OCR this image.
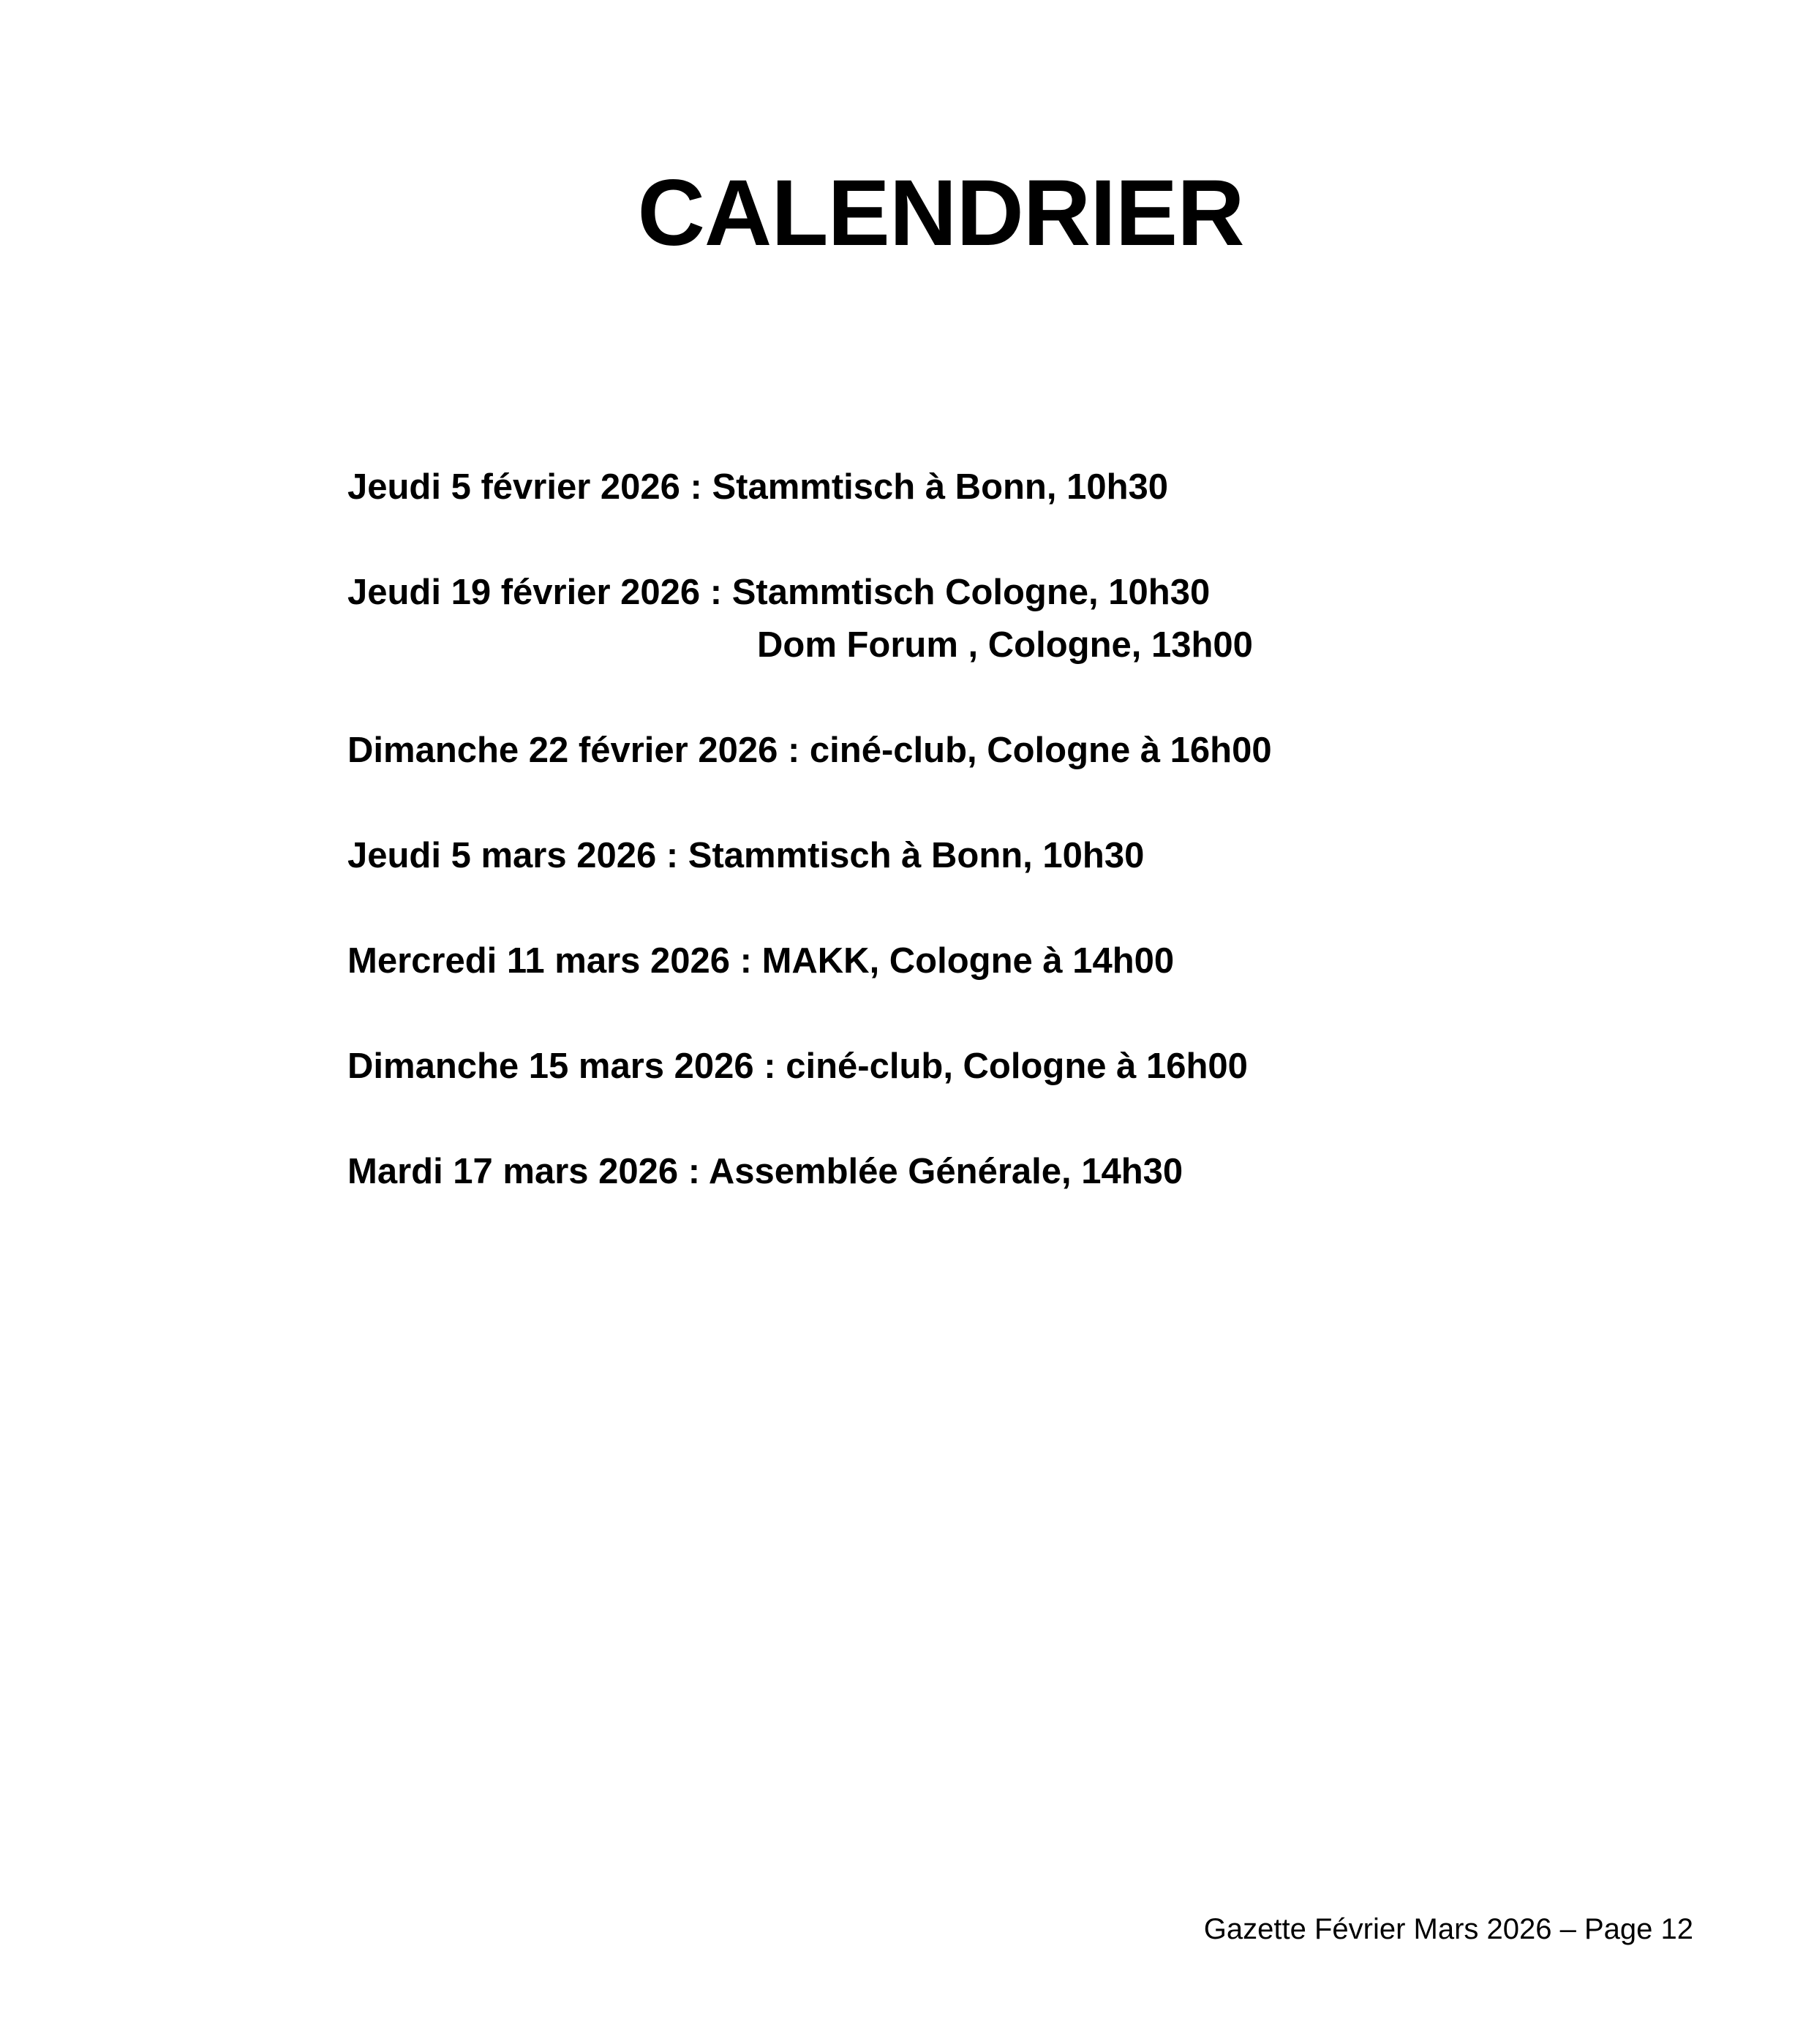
CALENDRIER
Jeudi 5 février 2026 : Stammtisch à Bonn, 10h30
Jeudi 19 février 2026 : Stammtisch Cologne, 10h30
Dom Forum , Cologne, 13h00
Dimanche 22 février 2026 : ciné-club, Cologne à 16h00
Jeudi 5 mars 2026 : Stammtisch à Bonn, 10h30
Mercredi 11 mars 2026 : MAKK, Cologne à 14h00
Dimanche 15 mars 2026 : ciné-club, Cologne à 16h00
Mardi 17 mars 2026 : Assemblée Générale, 14h30
Gazette Février Mars 2026 – Page 12
